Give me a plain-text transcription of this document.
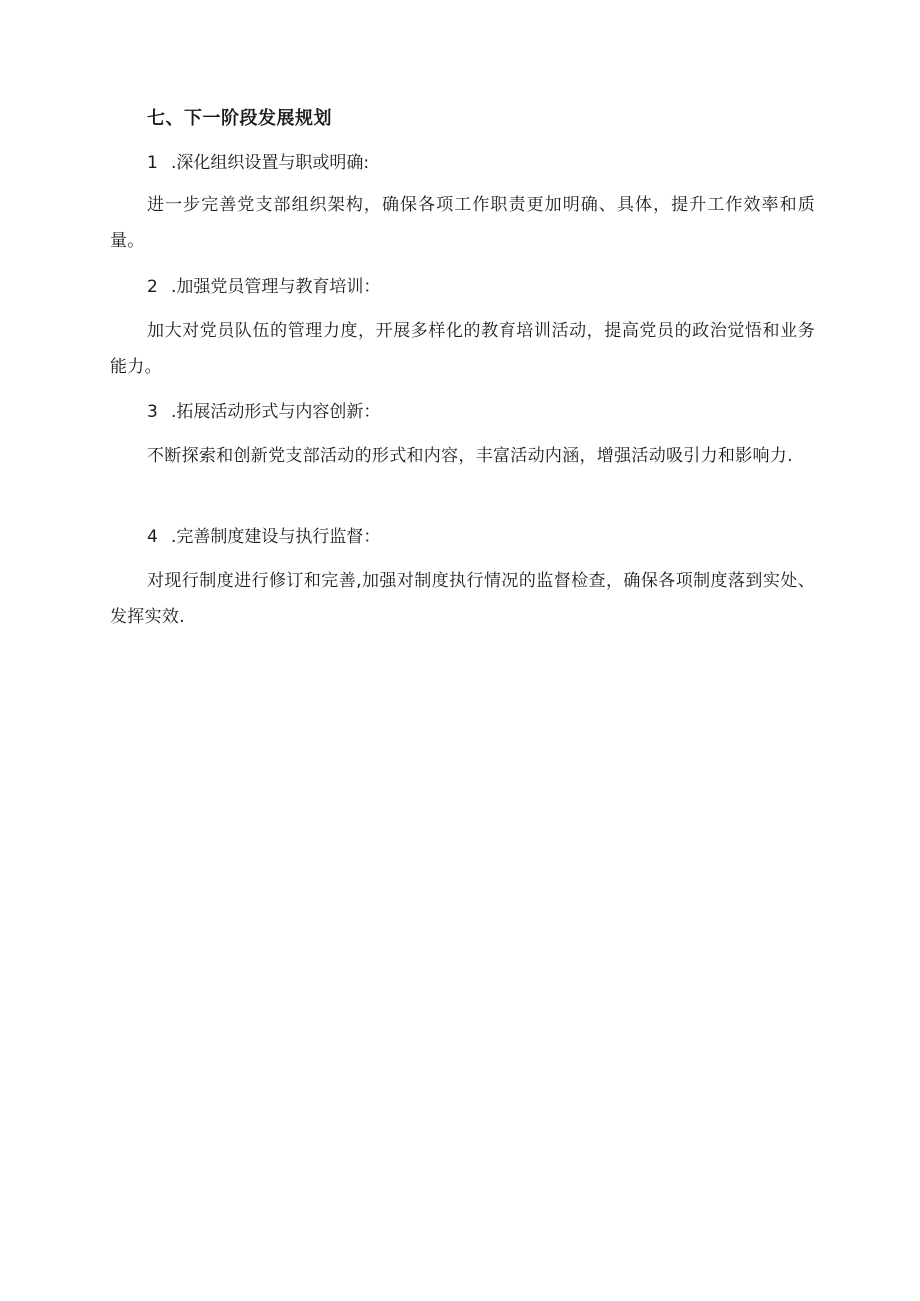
七、下一阶段发展规划
1 .深化组织设置与职或明确:
进一步完善党支部组织架构，确保各项工作职责更加明确、具体，提升工作效率和质量。
2 .加强党员管理与教育培训：
加大对党员队伍的管理力度，开展多样化的教育培训活动，提高党员的政治觉悟和业务能力。
3 .拓展活动形式与内容创新：
不断探索和创新党支部活动的形式和内容，丰富活动内涵，增强活动吸引力和影响力.
4 .完善制度建设与执行监督：
对现行制度进行修订和完善,加强对制度执行情况的监督检查，确保各项制度落到实处、发挥实效.
